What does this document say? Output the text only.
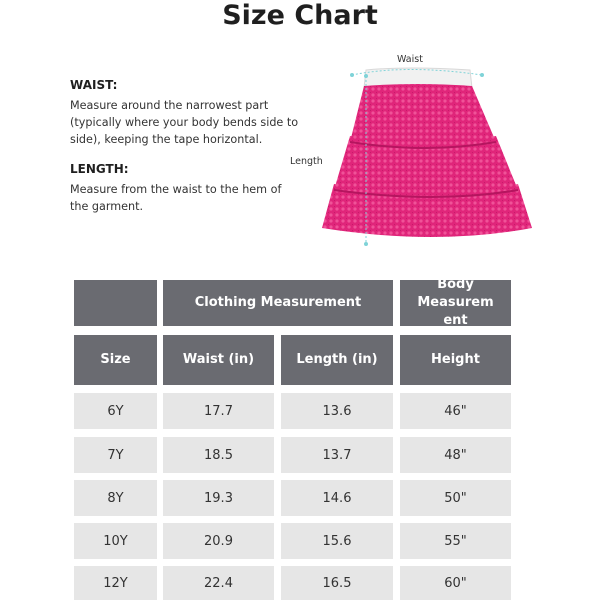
Size Chart
WAIST:
Measure around the narrowest part (typically where your body bends side to side), keeping the tape horizontal.
LENGTH:
Measure from the waist to the hem of the garment.
Waist
Length
Clothing Measurement
Body Measurem ent
Size	Waist (in)	Length (in)	Height
6Y	17.7	13.6	46"
7Y	18.5	13.7	48"
8Y	19.3	14.6	50"
10Y	20.9	15.6	55"
12Y	22.4	16.5	60"
